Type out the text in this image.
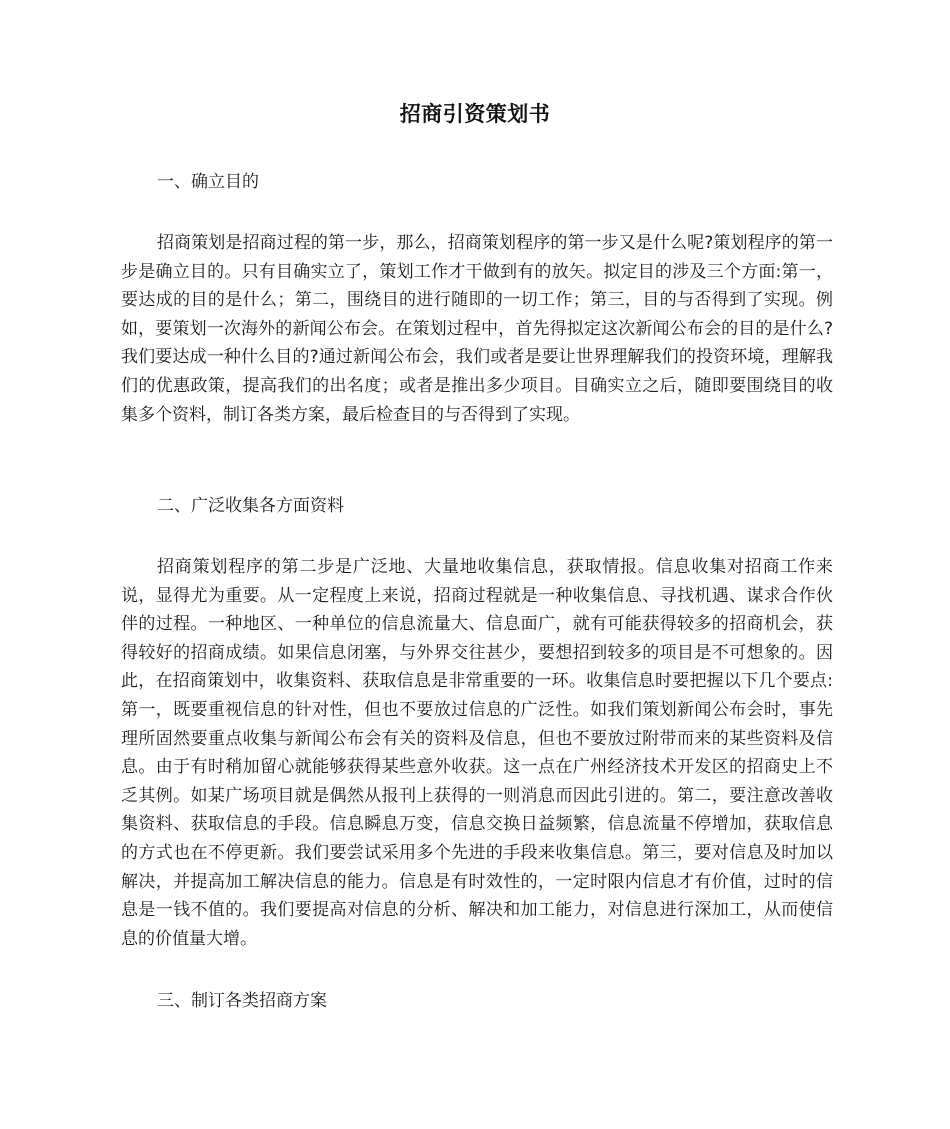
招商引资策划书
一、确立目的

招商策划是招商过程的第一步，那么，招商策划程序的第一步又是什么呢?策划程序的第一步是确立目的。只有目确实立了，策划工作才干做到有的放矢。拟定目的涉及三个方面:第一，要达成的目的是什么；第二，围绕目的进行随即的一切工作；第三，目的与否得到了实现。例如，要策划一次海外的新闻公布会。在策划过程中，首先得拟定这次新闻公布会的目的是什么?我们要达成一种什么目的?通过新闻公布会，我们或者是要让世界理解我们的投资环境，理解我们的优惠政策，提高我们的出名度；或者是推出多少项目。目确实立之后，随即要围绕目的收集多个资料，制订各类方案，最后检查目的与否得到了实现。

二、广泛收集各方面资料

招商策划程序的第二步是广泛地、大量地收集信息，获取情报。信息收集对招商工作来说，显得尤为重要。从一定程度上来说，招商过程就是一种收集信息、寻找机遇、谋求合作伙伴的过程。一种地区、一种单位的信息流量大、信息面广，就有可能获得较多的招商机会，获得较好的招商成绩。如果信息闭塞，与外界交往甚少，要想招到较多的项目是不可想象的。因此，在招商策划中，收集资料、获取信息是非常重要的一环。收集信息时要把握以下几个要点:第一，既要重视信息的针对性，但也不要放过信息的广泛性。如我们策划新闻公布会时，事先理所固然要重点收集与新闻公布会有关的资料及信息，但也不要放过附带而来的某些资料及信息。由于有时稍加留心就能够获得某些意外收获。这一点在广州经济技术开发区的招商史上不乏其例。如某广场项目就是偶然从报刊上获得的一则消息而因此引进的。第二，要注意改善收集资料、获取信息的手段。信息瞬息万变，信息交换日益频繁，信息流量不停增加，获取信息的方式也在不停更新。我们要尝试采用多个先进的手段来收集信息。第三，要对信息及时加以解决，并提高加工解决信息的能力。信息是有时效性的，一定时限内信息才有价值，过时的信息是一钱不值的。我们要提高对信息的分析、解决和加工能力，对信息进行深加工，从而使信 息的价值量大增。

三、制订各类招商方案
